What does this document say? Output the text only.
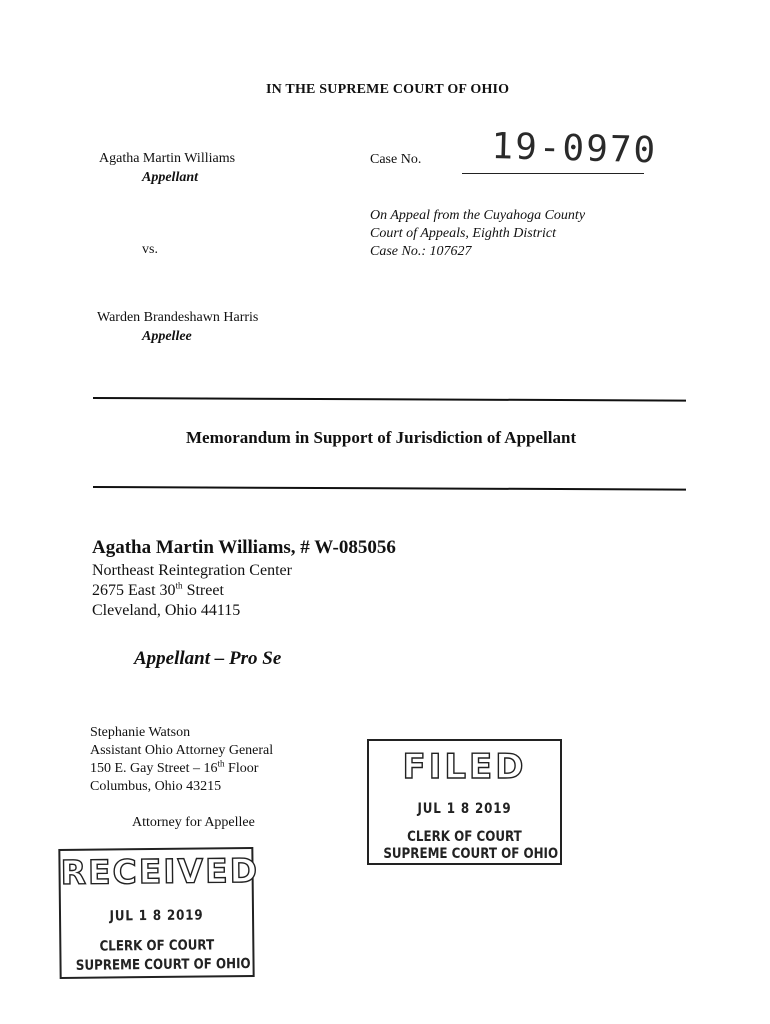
IN THE SUPREME COURT OF OHIO
Agatha Martin Williams
Appellant
vs.
Warden Brandeshawn Harris
Appellee
Case No. 19-0970
On Appeal from the Cuyahoga County
Court of Appeals, Eighth District
Case No.: 107627
Memorandum in Support of Jurisdiction of Appellant
Agatha Martin Williams, # W-085056
Northeast Reintegration Center
2675 East 30th Street
Cleveland, Ohio 44115
Appellant – Pro Se
Stephanie Watson
Assistant Ohio Attorney General
150 E. Gay Street – 16th Floor
Columbus, Ohio 43215
Attorney for Appellee
FILED
JUL 1 8 2019
CLERK OF COURT
SUPREME COURT OF OHIO
RECEIVED
JUL 1 8 2019
CLERK OF COURT
SUPREME COURT OF OHIO
